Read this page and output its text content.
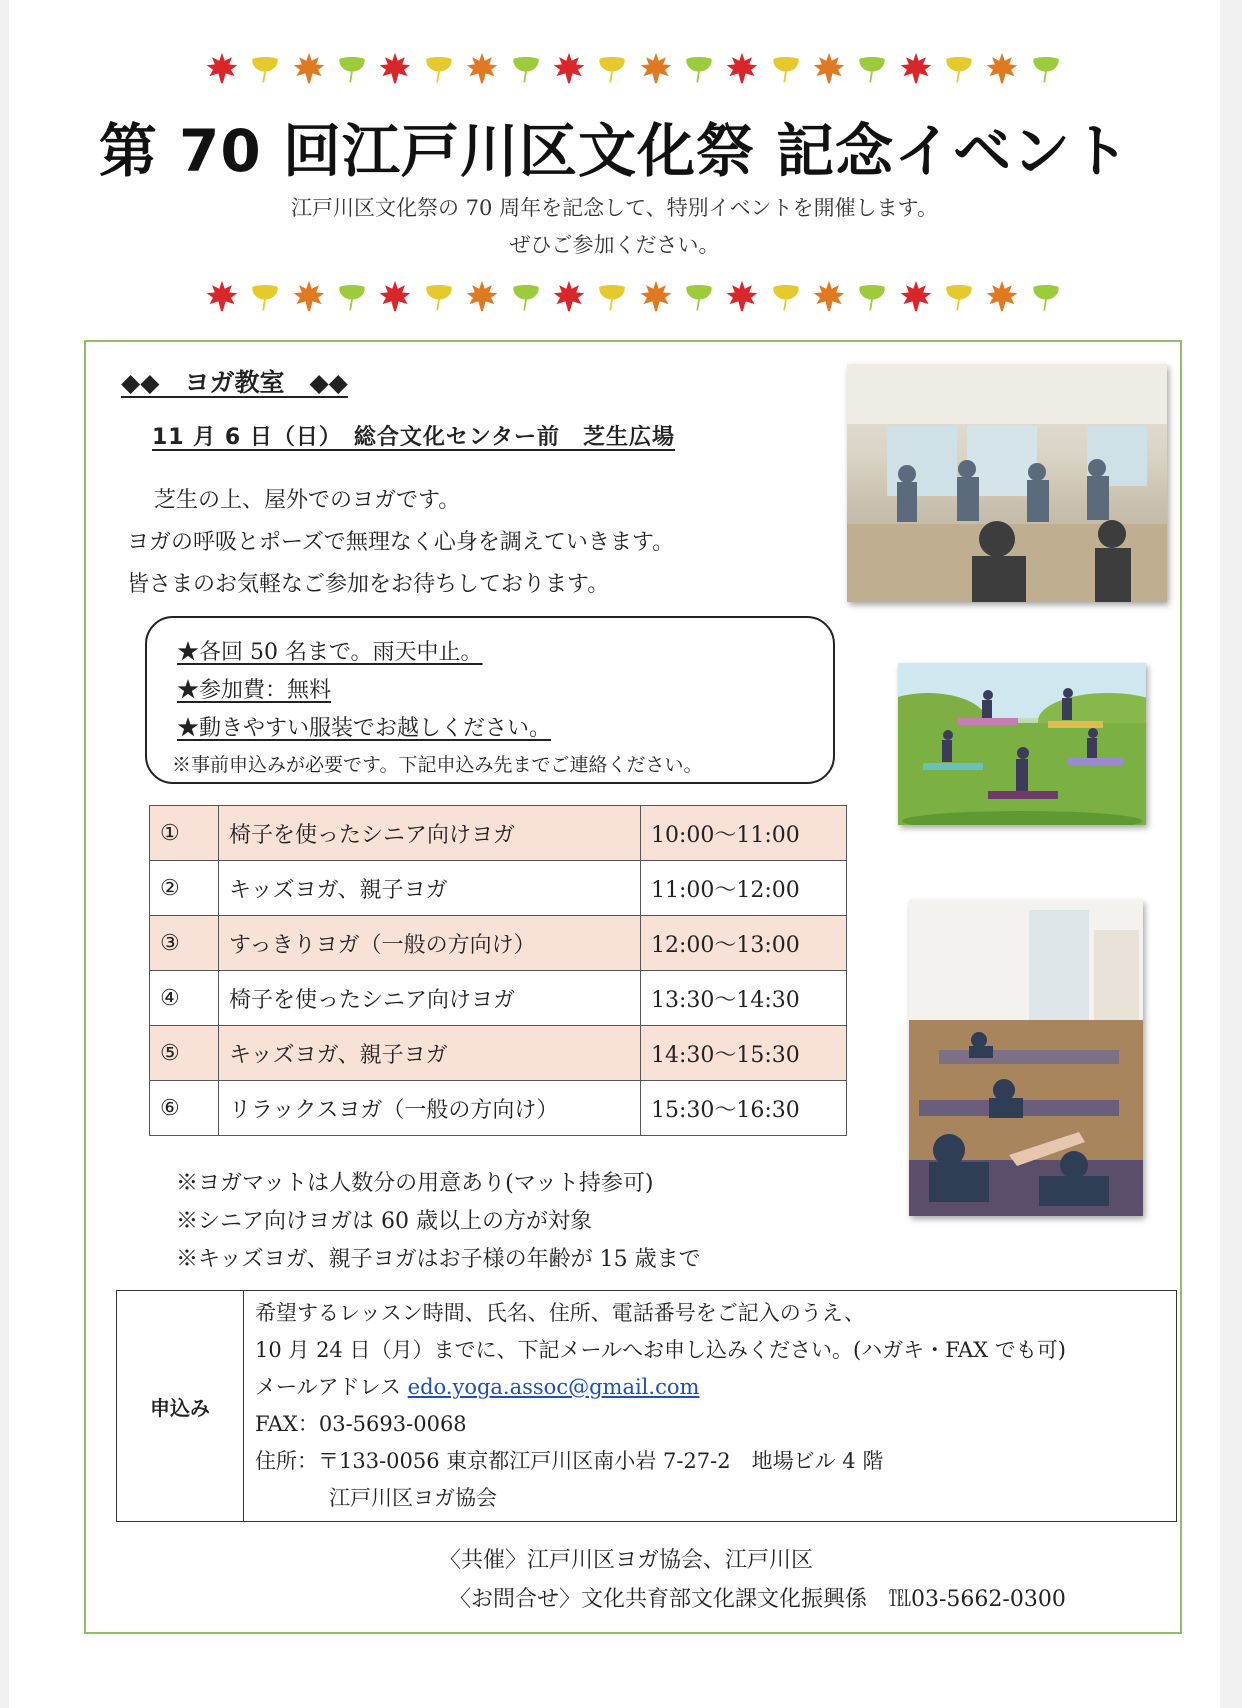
第 70 回江戸川区文化祭 記念イベント
江戸川区文化祭の 70 周年を記念して、特別イベントを開催します。
ぜひご参加ください。
◆◆　ヨガ教室　◆◆
11 月 6 日（日）　総合文化センター前　芝生広場
芝生の上、屋外でのヨガです。
ヨガの呼吸とポーズで無理なく心身を調えていきます。
皆さまのお気軽なご参加をお待ちしております。
★各回 50 名まで。雨天中止。
★参加費：無料
★動きやすい服装でお越しください。
※事前申込みが必要です。下記申込み先までご連絡ください。
①	椅子を使ったシニア向けヨガ	10:00〜11:00
②	キッズヨガ、親子ヨガ	11:00〜12:00
③	すっきりヨガ（一般の方向け）	12:00〜13:00
④	椅子を使ったシニア向けヨガ	13:30〜14:30
⑤	キッズヨガ、親子ヨガ	14:30〜15:30
⑥	リラックスヨガ（一般の方向け）	15:30〜16:30
※ヨガマットは人数分の用意あり(マット持参可)
※シニア向けヨガは 60 歳以上の方が対象
※キッズヨガ、親子ヨガはお子様の年齢が 15 歳まで
申込み	
希望するレッスン時間、氏名、住所、電話番号をご記入のうえ、
10 月 24 日（月）までに、下記メールへお申し込みください。(ハガキ・FAX でも可)
メールアドレス edo.yoga.assoc@gmail.com
FAX：03-5693-0068
住所：〒133-0056 東京都江戸川区南小岩 7-27-2　地場ビル 4 階
江戸川区ヨガ協会
〈共催〉江戸川区ヨガ協会、江戸川区
〈お問合せ〉文化共育部文化課文化振興係　℡03-5662-0300
